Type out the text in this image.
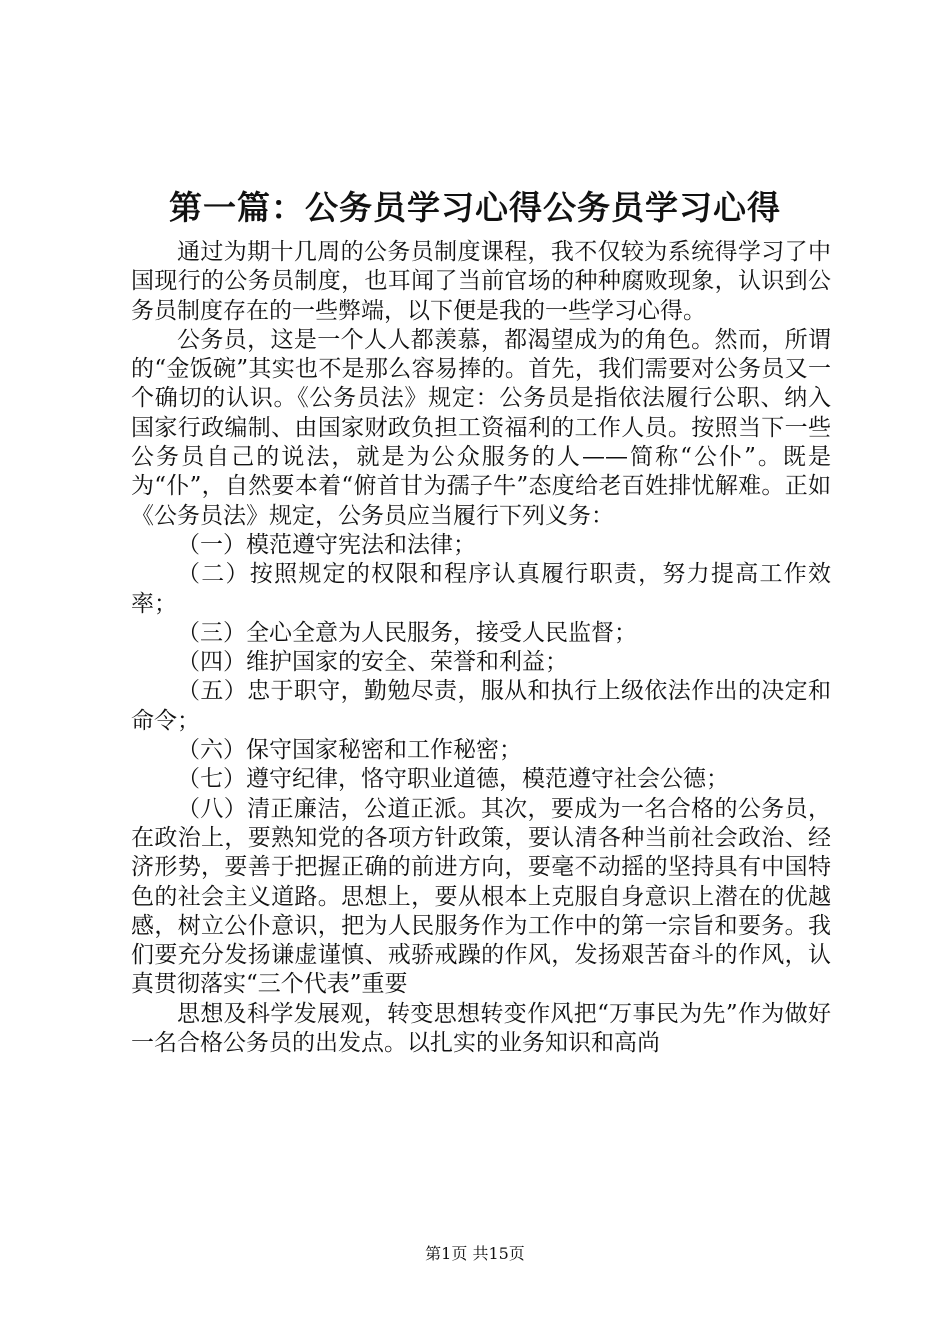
第一篇：公务员学习心得公务员学习心得

通过为期十几周的公务员制度课程，我不仅较为系统得学习了中国现行的公务员制度，也耳闻了当前官场的种种腐败现象，认识到公务员制度存在的一些弊端，以下便是我的一些学习心得。

公务员，这是一个人人都羡慕，都渴望成为的角色。然而，所谓的“金饭碗”其实也不是那么容易捧的。首先，我们需要对公务员又一个确切的认识。《公务员法》规定：公务员是指依法履行公职、纳入国家行政编制、由国家财政负担工资福利的工作人员。按照当下一些公务员自己的说法，就是为公众服务的人——简称“公仆”。既是为“仆”，自然要本着“俯首甘为孺子牛”态度给老百姓排忧解难。正如《公务员法》规定，公务员应当履行下列义务：

（一）模范遵守宪法和法律；

（二）按照规定的权限和程序认真履行职责，努力提高工作效率；

（三）全心全意为人民服务，接受人民监督；

（四）维护国家的安全、荣誉和利益；

（五）忠于职守，勤勉尽责，服从和执行上级依法作出的决定和命令；

（六）保守国家秘密和工作秘密；

（七）遵守纪律，恪守职业道德，模范遵守社会公德；

（八）清正廉洁，公道正派。其次，要成为一名合格的公务员，在政治上，要熟知党的各项方针政策，要认清各种当前社会政治、经济形势，要善于把握正确的前进方向，要毫不动摇的坚持具有中国特色的社会主义道路。思想上，要从根本上克服自身意识上潜在的优越感，树立公仆意识，把为人民服务作为工作中的第一宗旨和要务。我们要充分发扬谦虚谨慎、戒骄戒躁的作风，发扬艰苦奋斗的作风，认真贯彻落实“三个代表”重要

思想及科学发展观，转变思想转变作风把“万事民为先”作为做好一名合格公务员的出发点。以扎实的业务知识和高尚

第1页 共15页
